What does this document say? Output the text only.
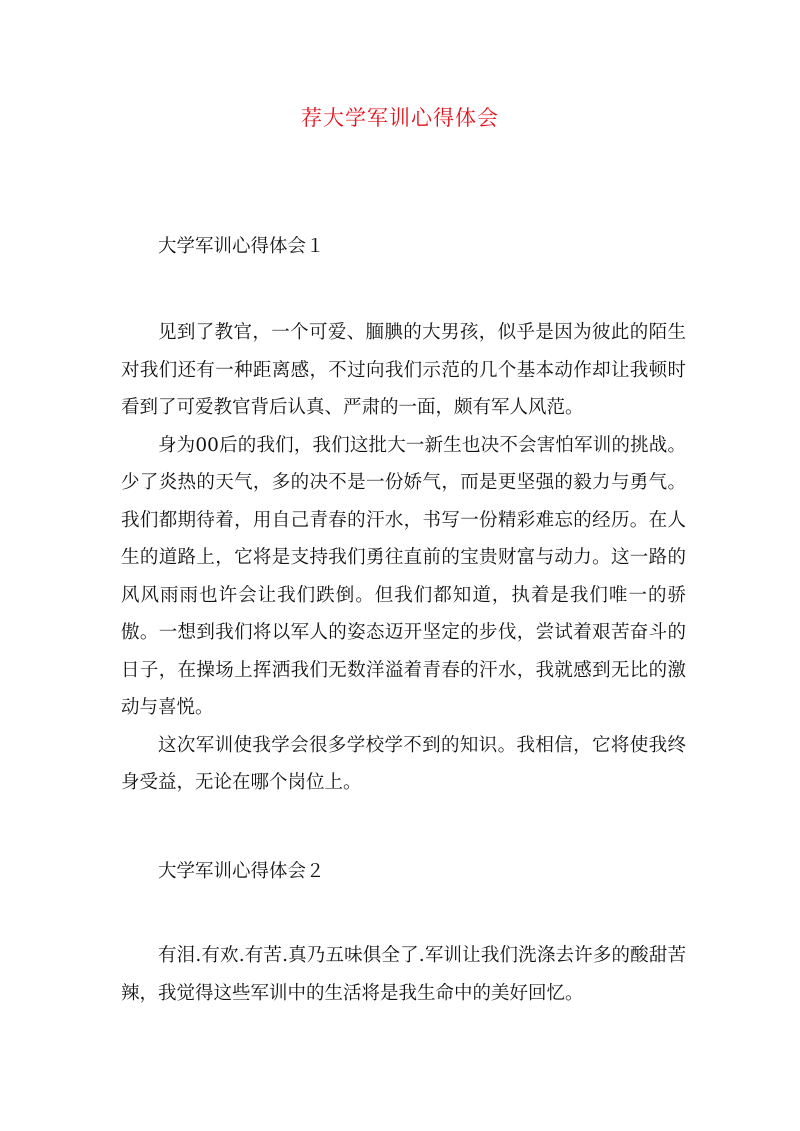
荐大学军训心得体会

大学军训心得体会１

见到了教官，一个可爱、腼腆的大男孩，似乎是因为彼此的陌生对我们还有一种距离感，不过向我们示范的几个基本动作却让我顿时看到了可爱教官背后认真、严肃的一面，颇有军人风范。

身为00后的我们，我们这批大一新生也决不会害怕军训的挑战。少了炎热的天气，多的决不是一份娇气，而是更坚强的毅力与勇气。我们都期待着，用自己青春的汗水，书写一份精彩难忘的经历。在人生的道路上，它将是支持我们勇往直前的宝贵财富与动力。这一路的风风雨雨也许会让我们跌倒。但我们都知道，执着是我们唯一的骄傲。一想到我们将以军人的姿态迈开坚定的步伐，尝试着艰苦奋斗的日子，在操场上挥洒我们无数洋溢着青春的汗水，我就感到无比的激动与喜悦。

这次军训使我学会很多学校学不到的知识。我相信，它将使我终身受益，无论在哪个岗位上。

大学军训心得体会２

有泪.有欢.有苦.真乃五味俱全了.军训让我们洗涤去许多的酸甜苦辣，我觉得这些军训中的生活将是我生命中的美好回忆。
